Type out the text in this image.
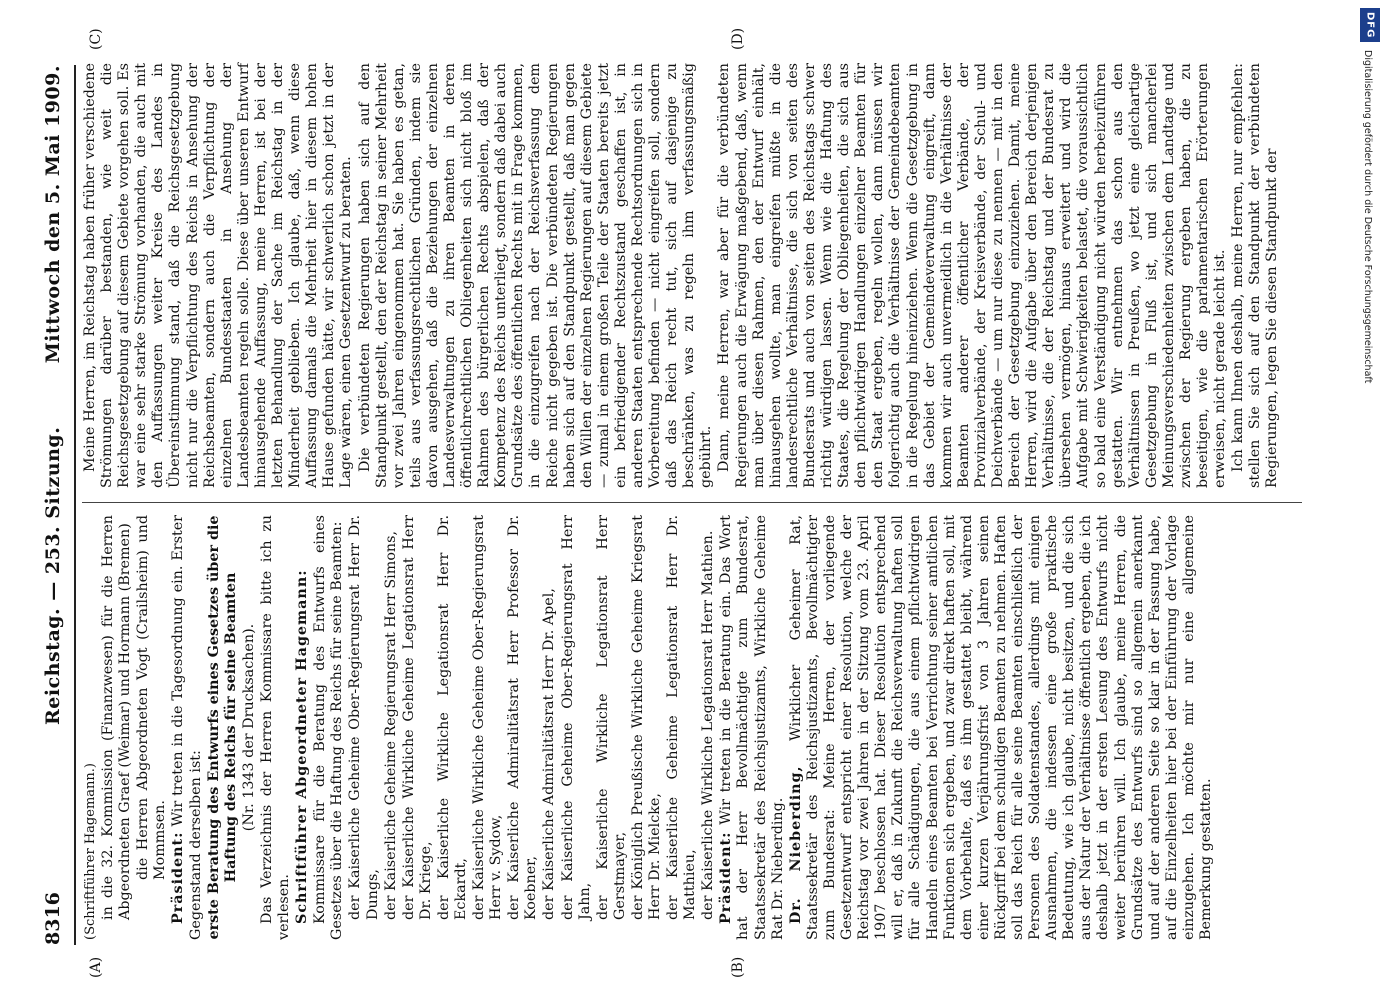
8316
Reichstag. — 253. Sitzung.
Mittwoch den 5. Mai 1909.
(A)	(B)
(C)	(D)

(Schriftführer Hagemann.) in die 32. Kommission (Finanzwesen) für die Herren Abgeordneten Graef (Weimar) und Hormann (Bremen) die Herren Abgeordneten Vogt (Crailsheim) und Mommsen. Präsident: Wir treten in die Tagesordnung ein. Erster Gegenstand derselben ist: erste Beratung des Entwurfs eines Gesetzes über die Haftung des Reichs für seine Beamten (Nr. 1343 der Drucksachen). Das Verzeichnis der Herren Kommissare bitte ich zu verlesen. Schriftführer Abgeordneter Hagemann: Kommissare für die Beratung des Entwurfs eines Gesetzes über die Haftung des Reichs für seine Beamten: der Kaiserliche Geheime Ober-Regierungsrat Herr Dr. Dungs, der Kaiserliche Geheime Regierungsrat Herr Simons, der Kaiserliche Wirkliche Geheime Legationsrat Herr Dr. Kriege, der Kaiserliche Wirkliche Legationsrat Herr Dr. Eckardt, der Kaiserliche Wirkliche Geheime Ober-Regierungsrat Herr v. Sydow, der Kaiserliche Admiralitätsrat Herr Professor Dr. Koebner, der Kaiserliche Admiralitätsrat Herr Dr. Apel, der Kaiserliche Geheime Ober-Regierungsrat Herr Jahn, der Kaiserliche Wirkliche Legationsrat Herr Gerstmayer, der Königlich Preußische Wirkliche Geheime Kriegsrat Herr Dr. Mielcke, der Kaiserliche Geheime Legationsrat Herr Dr. Matthieu, der Kaiserliche Wirkliche Legationsrat Herr Mathien. Präsident: Wir treten in die Beratung ein. Das Wort hat der Herr Bevollmächtigte zum Bundesrat, Staatssekretär des Reichsjustizamts, Wirkliche Geheime Rat Dr. Nieberding. Dr. Nieberding, Wirklicher Geheimer Rat, Staatssekretär des Reichsjustizamts, Bevollmächtigter zum Bundesrat: Meine Herren, der vorliegende Gesetzentwurf entspricht einer Resolution, welche der Reichstag vor zwei Jahren in der Sitzung vom 23. April 1907 beschlossen hat. Dieser Resolution entsprechend will er, daß in Zukunft die Reichsverwaltung haften soll für alle Schädigungen, die aus einem pflichtwidrigen Handeln eines Beamten bei Verrichtung seiner amtlichen Funktionen sich ergeben, und zwar direkt haften soll, mit dem Vorbehalte, daß es ihm gestattet bleibt, während einer kurzen Verjährungsfrist von 3 Jahren seinen Rückgriff bei dem schuldigen Beamten zu nehmen. Haften soll das Reich für alle seine Beamten einschließlich der Personen des Soldatenstandes, allerdings mit einigen Ausnahmen, die indessen eine große praktische Bedeutung, wie ich glaube, nicht besitzen, und die sich aus der Natur der Verhältnisse öffentlich ergeben, die ich deshalb jetzt in der ersten Lesung des Entwurfs nicht weiter berühren will. Ich glaube, meine Herren, die Grundsätze des Entwurfs sind so allgemein anerkannt und auf der anderen Seite so klar in der Fassung habe, auf die Einzelheiten hier bei der Einführung der Vorlage einzugehen. Ich möchte mir nur eine allgemeine Bemerkung gestatten.

Meine Herren, im Reichstag haben früher verschiedene Strömungen darüber bestanden, wie weit die Reichsgesetzgebung auf diesem Gebiete vorgehen soll. Es war eine sehr starke Strömung vorhanden, die auch mit den Auffassungen weiter Kreise des Landes in Übereinstimmung stand, daß die Reichsgesetzgebung nicht nur die Verpflichtung des Reichs in Ansehung der Reichsbeamten, sondern auch die Verpflichtung der einzelnen Bundesstaaten in Ansehung der Landesbeamten regeln solle. Diese über unseren Entwurf hinausgehende Auffassung, meine Herren, ist bei der letzten Behandlung der Sache im Reichstag in der Minderheit geblieben. Ich glaube, daß, wenn diese Auffassung damals die Mehrheit hier in diesem hohen Hause gefunden hätte, wir schwerlich schon jetzt in der Lage wären, einen Gesetzentwurf zu beraten. Die verbündeten Regierungen haben sich auf den Standpunkt gestellt, den der Reichstag in seiner Mehrheit vor zwei Jahren eingenommen hat. Sie haben es getan, teils aus verfassungsrechtlichen Gründen, indem sie davon ausgehen, daß die Beziehungen der einzelnen Landesverwaltungen zu ihren Beamten in deren öffentlichrechtlichen Obliegenheiten sich nicht bloß im Rahmen des bürgerlichen Rechts abspielen, daß der Kompetenz des Reichs unterliegt, sondern daß dabei auch Grundsätze des öffentlichen Rechts mit in Frage kommen, in die einzugreifen nach der Reichsverfassung dem Reiche nicht gegeben ist. Die verbündeten Regierungen haben sich auf den Standpunkt gestellt, daß man gegen den Willen der einzelnen Regierungen auf diesem Gebiete — zumal in einem großen Teile der Staaten bereits jetzt ein befriedigender Rechtszustand geschaffen ist, in anderen Staaten entsprechende Rechtsordnungen sich in Vorbereitung befinden — nicht eingreifen soll, sondern daß das Reich recht tut, sich auf dasjenige zu beschränken, was zu regeln ihm verfassungsmäßig gebührt. Dann, meine Herren, war aber für die verbündeten Regierungen auch die Erwägung maßgebend, daß, wenn man über diesen Rahmen, den der Entwurf einhält, hinausgehen wollte, man eingreifen müßte in die landesrechtliche Verhältnisse, die sich von seiten des Bundesrats und auch von seiten des Reichstags schwer richtig würdigen lassen. Wenn wie die Haftung des Staates, die Regelung der Obliegenheiten, die sich aus den pflichtwidrigen Handlungen einzelner Beamten für den Staat ergeben, regeln wollen, dann müssen wir folgerichtig auch die Verhältnisse der Gemeindebeamten in die Regelung hineinziehen. Wenn die Gesetzgebung in das Gebiet der Gemeindeverwaltung eingreift, dann kommen wir auch unvermeidlich in die Verhältnisse der Beamten anderer öffentlicher Verbände, der Provinzialverbände, der Kreisverbände, der Schul- und Deichverbände — um nur diese zu nennen — mit in den Bereich der Gesetzgebung einzuziehen. Damit, meine Herren, wird die Aufgabe über den Bereich derjenigen Verhältnisse, die der Reichstag und der Bundesrat zu übersehen vermögen, hinaus erweitert und wird die Aufgabe mit Schwierigkeiten belastet, die voraussichtlich so bald eine Verständigung nicht würden herbeizuführen gestatten. Wir entnehmen das schon aus den Verhältnissen in Preußen, wo jetzt eine gleichartige Gesetzgebung in Fluß ist, und sich mancherlei Meinungsverschiedenheiten zwischen dem Landtage und zwischen der Regierung ergeben haben, die zu beseitigen, wie die parlamentarischen Erörterungen erweisen, nicht gerade leicht ist. Ich kann Ihnen deshalb, meine Herren, nur empfehlen: stellen Sie sich auf den Standpunkt der verbündeten Regierungen, legen Sie diesen Standpunkt der

DFG
Digitalisierung gefördert durch die Deutsche Forschungsgemeinschaft
